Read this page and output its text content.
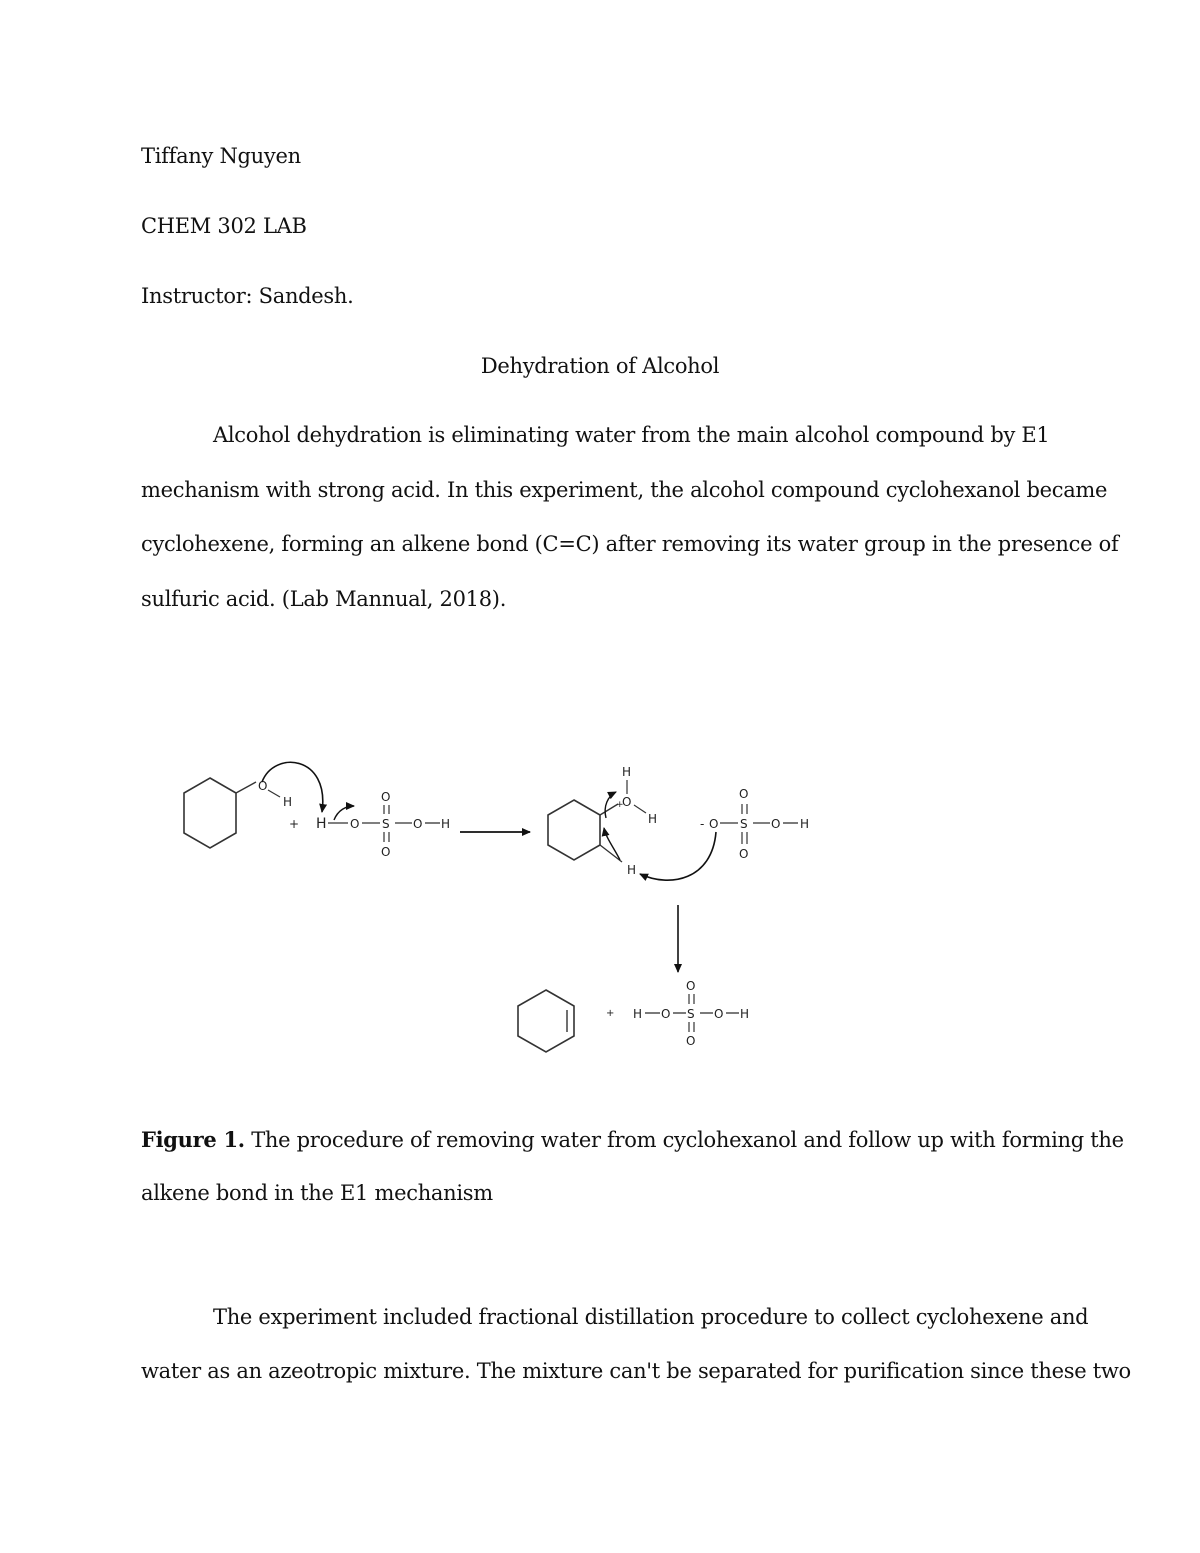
Tiffany Nguyen
CHEM 302 LAB
Instructor: Sandesh.
Dehydration of Alcohol
Alcohol dehydration is eliminating water from the main alcohol compound by E1
mechanism with strong acid. In this experiment, the alcohol compound cyclohexanol became
cyclohexene, forming an alkene bond (C=C) after removing its water group in the presence of
sulfuric acid. (Lab Mannual, 2018).
O
H
+ H O S
O
O
O H
+
O
H
H
H
- O S
O
O
O H
+ H O S
O
O
O H
Figure 1. The procedure of removing water from cyclohexanol and follow up with forming the
alkene bond in the E1 mechanism
The experiment included fractional distillation procedure to collect cyclohexene and
water as an azeotropic mixture. The mixture can't be separated for purification since these two
